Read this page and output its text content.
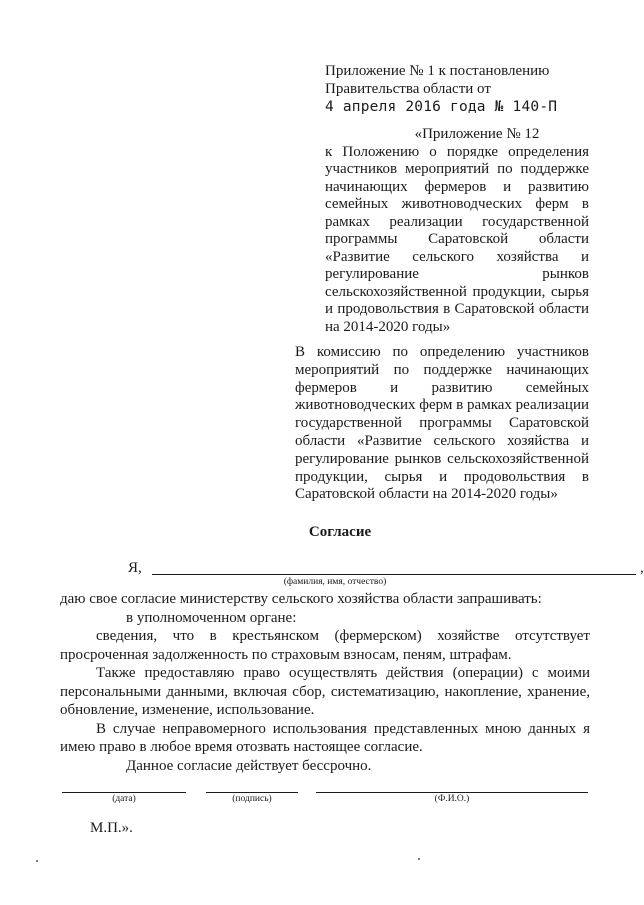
Приложение № 1 к постановлению
Правительства области от
4 апреля 2016 года № 140-П
«Приложение № 12
к Положению о порядке определения участников мероприятий по поддержке начинающих фермеров и развитию семейных животноводческих ферм в рамках реализации государственной программы Саратовской области «Развитие сельского хозяйства и регулирование рынков сельскохозяйственной продукции, сырья и продовольствия в Саратовской области на 2014-2020 годы»
В комиссию по определению участников мероприятий по поддержке начинающих фермеров и развитию семейных животноводческих ферм в рамках реализации государственной программы Саратовской области «Развитие сельского хозяйства и регулирование рынков сельскохозяйственной продукции, сырья и продовольствия в Саратовской области на 2014-2020 годы»
Согласие
Я,	,
(фамилия, имя, отчество)

даю свое согласие министерству сельского хозяйства области запрашивать:

в уполномоченном органе:

сведения, что в крестьянском (фермерском) хозяйстве отсутствует просроченная задолженность по страховым взносам, пеням, штрафам.

Также предоставляю право осуществлять действия (операции) с моими персональными данными, включая сбор, систематизацию, накопление, хранение, обновление, изменение, использование.

В случае неправомерного использования представленных мною данных я имею право в любое время отозвать настоящее согласие.

Данное согласие действует бессрочно.

(дата)	(подпись)	(Ф.И.О.)
М.П.».
